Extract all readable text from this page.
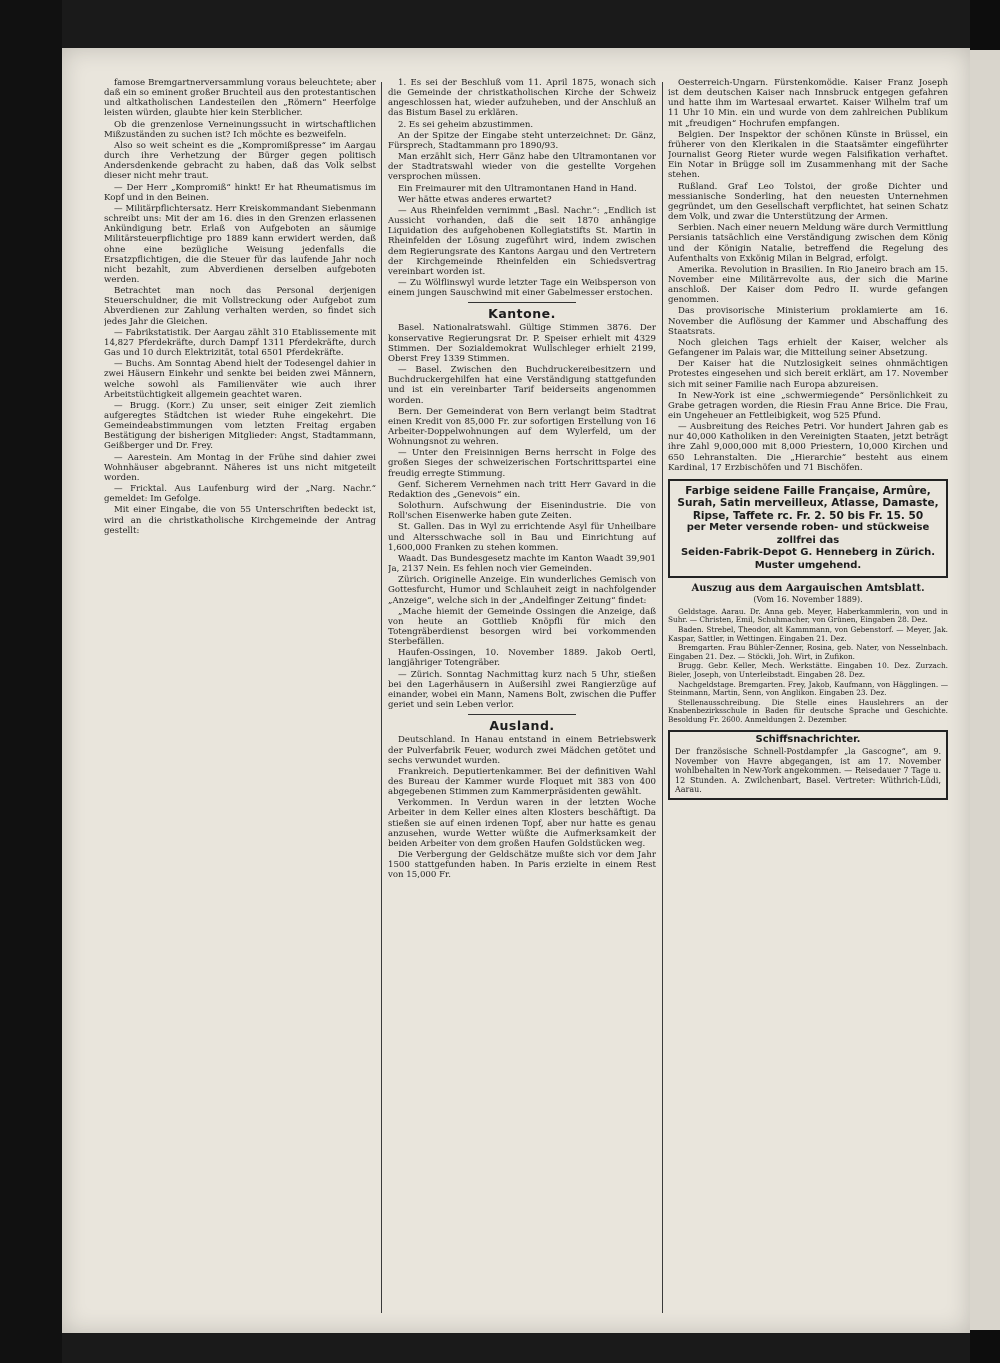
famose Bremgartnerversammlung voraus beleuchtete; aber daß ein so eminent großer Bruchteil aus den protestantischen und altkatholischen Landesteilen den „Römern“ Heerfolge leisten würden, glaubte hier kein Sterblicher.

Ob die grenzenlose Verneinungssucht in wirtschaftlichen Mißzuständen zu suchen ist? Ich möchte es bezweifeln.

Also so weit scheint es die „Kompromißpresse“ im Aargau durch ihre Verhetzung der Bürger gegen politisch Andersdenkende gebracht zu haben, daß das Volk selbst dieser nicht mehr traut.

— Der Herr „Kompromiß“ hinkt! Er hat Rheumatismus im Kopf und in den Beinen.

— Militärpflichtersatz. Herr Kreiskommandant Siebenmann schreibt uns: Mit der am 16. dies in den Grenzen erlassenen Ankündigung betr. Erlaß von Aufgeboten an säumige Militärsteuerpflichtige pro 1889 kann erwidert werden, daß ohne eine bezügliche Weisung jedenfalls die Ersatzpflichtigen, die die Steuer für das laufende Jahr noch nicht bezahlt, zum Abverdienen derselben aufgeboten werden.

Betrachtet man noch das Personal derjenigen Steuerschuldner, die mit Vollstreckung oder Aufgebot zum Abverdienen zur Zahlung verhalten werden, so findet sich jedes Jahr die Gleichen.

— Fabrikstatistik. Der Aargau zählt 310 Etablissemente mit 14,827 Pferdekräfte, durch Dampf 1311 Pferdekräfte, durch Gas und 10 durch Elektrizität, total 6501 Pferdekräfte.

— Buchs. Am Sonntag Abend hielt der Todesengel dahier in zwei Häusern Einkehr und senkte bei beiden zwei Männern, welche sowohl als Familienväter wie auch ihrer Arbeitstüchtigkeit allgemein geachtet waren.

— Brugg. (Korr.) Zu unser, seit einiger Zeit ziemlich aufgeregtes Städtchen ist wieder Ruhe eingekehrt. Die Gemeindeabstimmungen vom letzten Freitag ergaben Bestätigung der bisherigen Mitglieder: Angst, Stadtammann, Geißberger und Dr. Frey.

— Aarestein. Am Montag in der Frühe sind dahier zwei Wohnhäuser abgebrannt. Näheres ist uns nicht mitgeteilt worden.

— Fricktal. Aus Laufenburg wird der „Narg. Nachr.“ gemeldet: Im Gefolge.

Mit einer Eingabe, die von 55 Unterschriften bedeckt ist, wird an die christkatholische Kirchgemeinde der Antrag gestellt:

1. Es sei der Beschluß vom 11. April 1875, wonach sich die Gemeinde der christkatholischen Kirche der Schweiz angeschlossen hat, wieder aufzuheben, und der Anschluß an das Bistum Basel zu erklären.

2. Es sei geheim abzustimmen.

An der Spitze der Eingabe steht unterzeichnet: Dr. Gänz, Fürsprech, Stadtammann pro 1890/93.

Man erzählt sich, Herr Gänz habe den Ultramontanen vor der Stadtratswahl wieder von die gestellte Vorgehen versprochen müssen.

Ein Freimaurer mit den Ultramontanen Hand in Hand.

Wer hätte etwas anderes erwartet?

— Aus Rheinfelden vernimmt „Basl. Nachr.“: „Endlich ist Aussicht vorhanden, daß die seit 1870 anhängige Liquidation des aufgehobenen Kollegiatstifts St. Martin in Rheinfelden der Lösung zugeführt wird, indem zwischen dem Regierungsrate des Kantons Aargau und den Vertretern der Kirchgemeinde Rheinfelden ein Schiedsvertrag vereinbart worden ist.

— Zu Wölflinswyl wurde letzter Tage ein Weibsperson von einem jungen Sauschwind mit einer Gabelmesser erstochen.

Kantone.

Basel. Nationalratswahl. Gültige Stimmen 3876. Der konservative Regierungsrat Dr. P. Speiser erhielt mit 4329 Stimmen. Der Sozialdemokrat Wullschleger erhielt 2199, Oberst Frey 1339 Stimmen.

— Basel. Zwischen den Buchdruckereibesitzern und Buchdruckergehilfen hat eine Verständigung stattgefunden und ist ein vereinbarter Tarif beiderseits angenommen worden.

Bern. Der Gemeinderat von Bern verlangt beim Stadtrat einen Kredit von 85,000 Fr. zur sofortigen Erstellung von 16 Arbeiter-Doppelwohnungen auf dem Wylerfeld, um der Wohnungsnot zu wehren.

— Unter den Freisinnigen Berns herrscht in Folge des großen Sieges der schweizerischen Fortschrittspartei eine freudig erregte Stimmung.

Genf. Sicherem Vernehmen nach tritt Herr Gavard in die Redaktion des „Genevois“ ein.

Solothurn. Aufschwung der Eisenindustrie. Die von Roll'schen Eisenwerke haben gute Zeiten.

St. Gallen. Das in Wyl zu errichtende Asyl für Unheilbare und Altersschwache soll in Bau und Einrichtung auf 1,600,000 Franken zu stehen kommen.

Waadt. Das Bundesgesetz machte im Kanton Waadt 39,901 Ja, 2137 Nein. Es fehlen noch vier Gemeinden.

Zürich. Originelle Anzeige. Ein wunderliches Gemisch von Gottesfurcht, Humor und Schlauheit zeigt in nachfolgender „Anzeige“, welche sich in der „Andelfinger Zeitung“ findet:

„Mache hiemit der Gemeinde Ossingen die Anzeige, daß von heute an Gottlieb Knöpfli für mich den Totengräberdienst besorgen wird bei vorkommenden Sterbefällen.

Haufen-Ossingen, 10. November 1889. Jakob Oertl, langjähriger Totengräber.

— Zürich. Sonntag Nachmittag kurz nach 5 Uhr, stießen bei den Lagerhäusern in Außersihl zwei Rangierzüge auf einander, wobei ein Mann, Namens Bolt, zwischen die Puffer geriet und sein Leben verlor.

Ausland.

Deutschland. In Hanau entstand in einem Betriebswerk der Pulverfabrik Feuer, wodurch zwei Mädchen getötet und sechs verwundet wurden.

Frankreich. Deputiertenkammer. Bei der definitiven Wahl des Bureau der Kammer wurde Floquet mit 383 von 400 abgegebenen Stimmen zum Kammerpräsidenten gewählt.

Verkommen. In Verdun waren in der letzten Woche Arbeiter in dem Keller eines alten Klosters beschäftigt. Da stießen sie auf einen irdenen Topf, aber nur hatte es genau anzusehen, wurde Wetter wüßte die Aufmerksamkeit der beiden Arbeiter von dem großen Haufen Goldstücken weg.

Die Verbergung der Geldschätze mußte sich vor dem Jahr 1500 stattgefunden haben. In Paris erzielte in einem Rest von 15,000 Fr.

Oesterreich-Ungarn. Fürstenkomödie. Kaiser Franz Joseph ist dem deutschen Kaiser nach Innsbruck entgegen gefahren und hatte ihm im Wartesaal erwartet. Kaiser Wilhelm traf um 11 Uhr 10 Min. ein und wurde von dem zahlreichen Publikum mit „freudigen“ Hochrufen empfangen.

Belgien. Der Inspektor der schönen Künste in Brüssel, ein früherer von den Klerikalen in die Staatsämter eingeführter Journalist Georg Rieter wurde wegen Falsifikation verhaftet. Ein Notar in Brügge soll im Zusammenhang mit der Sache stehen.

Rußland. Graf Leo Tolstoi, der große Dichter und messianische Sonderling, hat den neuesten Unternehmen gegründet, um den Gesellschaft verpflichtet, hat seinen Schatz dem Volk, und zwar die Unterstützung der Armen.

Serbien. Nach einer neuern Meldung wäre durch Vermittlung Persianis tatsächlich eine Verständigung zwischen dem König und der Königin Natalie, betreffend die Regelung des Aufenthalts von Exkönig Milan in Belgrad, erfolgt.

Amerika. Revolution in Brasilien. In Rio Janeiro brach am 15. November eine Militärrevolte aus, der sich die Marine anschloß. Der Kaiser dom Pedro II. wurde gefangen genommen.

Das provisorische Ministerium proklamierte am 16. November die Auflösung der Kammer und Abschaffung des Staatsrats.

Noch gleichen Tags erhielt der Kaiser, welcher als Gefangener im Palais war, die Mitteilung seiner Absetzung.

Der Kaiser hat die Nutzlosigkeit seines ohnmächtigen Protestes eingesehen und sich bereit erklärt, am 17. November sich mit seiner Familie nach Europa abzureisen.

In New-York ist eine „schwermiegende“ Persönlichkeit zu Grabe getragen worden, die Riesin Frau Anne Brice. Die Frau, ein Ungeheuer an Fettleibigkeit, wog 525 Pfund.

— Ausbreitung des Reiches Petri. Vor hundert Jahren gab es nur 40,000 Katholiken in den Vereinigten Staaten, jetzt beträgt ihre Zahl 9,000,000 mit 8,000 Priestern, 10,000 Kirchen und 650 Lehranstalten. Die „Hierarchie“ besteht aus einem Kardinal, 17 Erzbischöfen und 71 Bischöfen.

Farbige seidene Faille Française, Armûre,
Surah, Satin merveilleux, Atlasse, Damaste,
Ripse, Taffete rc. Fr. 2. 50 bis Fr. 15. 50
per Meter versende roben- und stückweise zollfrei das
Seiden-Fabrik-Depot G. Henneberg in Zürich.
Muster umgehend.
Auszug aus dem Aargauischen Amtsblatt.
(Vom 16. November 1889).

Geldstage. Aarau. Dr. Anna geb. Meyer, Haberkammlerin, von und in Suhr. — Christen, Emil, Schuhmacher, von Grünen, Eingaben 28. Dez.

Baden. Strebel, Theodor, alt Kammmann, von Gebenstorf. — Meyer, Jak. Kaspar, Sattler, in Wettingen. Eingaben 21. Dez.

Bremgarten. Frau Bühler-Zenner, Rosina, geb. Nater, von Nesselnbach. Eingaben 21. Dez. — Stöckli, Joh. Wirt, in Zufikon.

Brugg. Gebr. Keller, Mech. Werkstätte. Eingaben 10. Dez. Zurzach. Bieler, Joseph, von Unterleibstadt. Eingaben 28. Dez.

Nachgeldstage. Bremgarten. Frey, Jakob, Kaufmann, von Hägglingen. — Steinmann, Martin, Senn, von Anglikon. Eingaben 23. Dez.

Stellenausschreibung. Die Stelle eines Hauslehrers an der Knabenbezirksschule in Baden für deutsche Sprache und Geschichte. Besoldung Fr. 2600. Anmeldungen 2. Dezember.

Schiffsnachrichter.
Der französische Schnell-Postdampfer „la Gascogne“, am 9. November von Havre abgegangen, ist am 17. November wohlbehalten in New-York angekommen. — Reisedauer 7 Tage u. 12 Stunden. A. Zwilchenbart, Basel. Vertreter: Wüthrich-Lüdi, Aarau.
